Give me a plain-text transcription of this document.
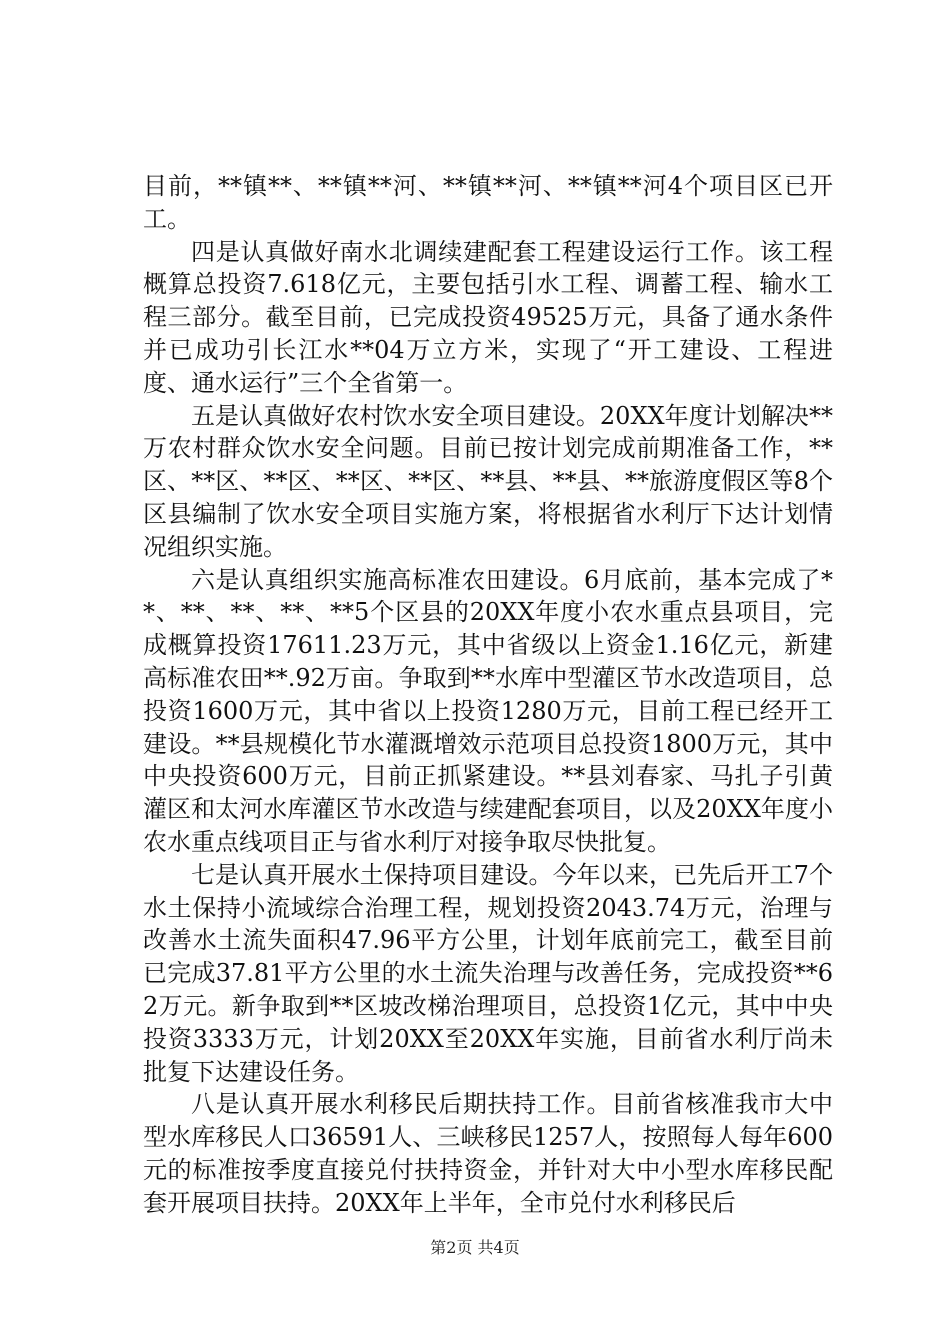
目前，**镇**、**镇**河、**镇**河、**镇**河4个项目区已开工。

四是认真做好南水北调续建配套工程建设运行工作。该工程概算总投资7.618亿元，主要包括引水工程、调蓄工程、输水工程三部分。截至目前，已完成投资49525万元，具备了通水条件并已成功引长江水**04万立方米，实现了“开工建设、工程进度、通水运行”三个全省第一。

五是认真做好农村饮水安全项目建设。20XX年度计划解决**万农村群众饮水安全问题。目前已按计划完成前期准备工作，**区、**区、**区、**区、**区、**县、**县、**旅游度假区等8个区县编制了饮水安全项目实施方案，将根据省水利厅下达计划情况组织实施。

六是认真组织实施高标准农田建设。6月底前，基本完成了**、**、**、**、**5个区县的20XX年度小农水重点县项目，完成概算投资17611.23万元，其中省级以上资金1.16亿元，新建高标准农田**.92万亩。争取到**水库中型灌区节水改造项目，总投资1600万元，其中省以上投资1280万元，目前工程已经开工建设。**县规模化节水灌溉增效示范项目总投资1800万元，其中中央投资600万元，目前正抓紧建设。**县刘春家、马扎子引黄灌区和太河水库灌区节水改造与续建配套项目，以及20XX年度小农水重点线项目正与省水利厅对接争取尽快批复。

七是认真开展水土保持项目建设。今年以来，已先后开工7个水土保持小流域综合治理工程，规划投资2043.74万元，治理与改善水土流失面积47.96平方公里，计划年底前完工，截至目前已完成37.81平方公里的水土流失治理与改善任务，完成投资**62万元。新争取到**区坡改梯治理项目，总投资1亿元，其中中央投资3333万元，计划20XX至20XX年实施，目前省水利厅尚未批复下达建设任务。

八是认真开展水利移民后期扶持工作。目前省核准我市大中型水库移民人口36591人、三峡移民1257人，按照每人每年600元的标准按季度直接兑付扶持资金，并针对大中小型水库移民配套开展项目扶持。20XX年上半年，全市兑付水利移民后

第2页 共4页
